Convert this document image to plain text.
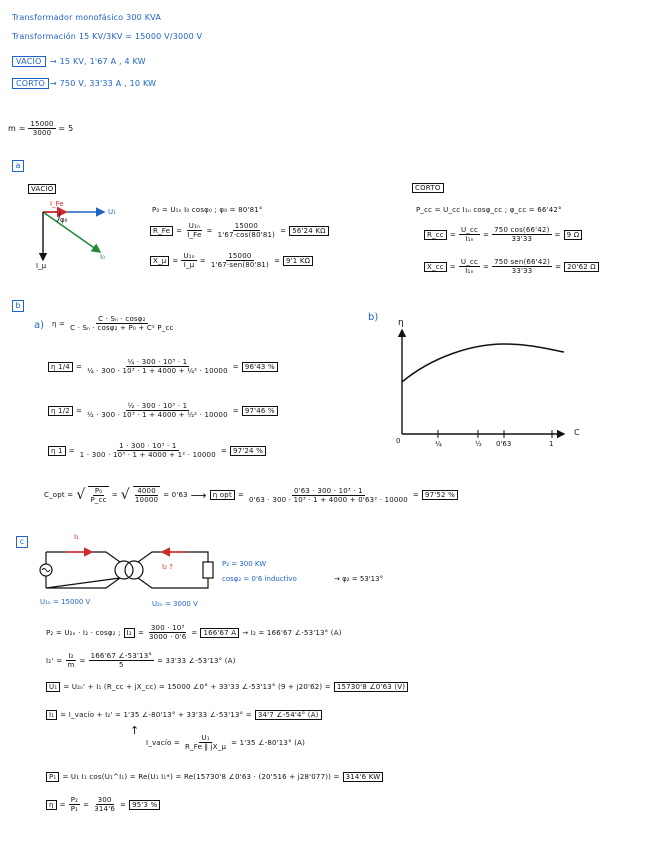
Transformador monofásico 300 KVA
Transformación 15 KV/3KV = 15000 V/3000 V
VACÍO	→ 15 KV, 1'67 A , 4 KW
CORTO → 750 V, 33'33 A , 10 KW
$m = \frac{15000}{3000} = 5$
a
VACÍO	CORTO
I_Fe
U₁
I₀
I_μ
φ₀
P₀ = U₁ₙ I₀ cosφ₀ ; φ₀ = 80'81°
R_Fe = $\frac{\text{U₁ₙ}}{I\_Fe} = \frac{15000}{1'67\cdot\cos(80'81)} = 56'24$ KΩ
X_μ = $\frac{\text{U₁ₙ}}{I\_\mu} = \frac{15000}{\text{1'67·sen(80'81)}} = 9'1$ KΩ
P_cc = U_cc I₁ₙ cosφ_cc ; φ_cc = 66'42°
R_cc = $\frac{U\_cc}{\text{I₁ₙ}} = \frac{750 \cos(66'42)}{33'33} = 9$ Ω
X_cc = $\frac{U\_cc}{\text{I₁ₙ}} = \frac{\text{750 sen(66'42)}}{33'33} = 20'62$ Ω
b
a) $\eta = \frac{\text{C · Sₙ · cosφ₂}}{\text{C · Sₙ · cosφ₂ + P₀ + C² P\_cc}}$
η $1/4 = \frac{\text{¼ · 300 · 10³ · 1}}{\text{¼ · 300 · 10³ · 1 + 4000 + ¼² · 10000}} = 96'43$ %
η $1/2 = \frac{\text{½ · 300 · 10³ · 1}}{\text{½ · 300 · 10³ · 1 + 4000 + ½² · 10000}} = 97'46$ %
η $1 = \frac{\text{1 · 300 · 10³ · 1}}{\text{1 · 300 · 10³ · 1 + 4000 + 1² · 10000}} = 97'24$ %
C_opt = √ $\frac{\text{P₀}}{P\_cc}$ = √ $\frac{4000}{10000} = 0'63$ ⟶ η opt = $\frac{\text{0'63 · 300 · 10³ · 1}}{\text{0'63 · 300 · 10³ · 1 + 4000 + 0'63² · 10000}} = 97'52$ %
b) η
C
0	¼	½ 0'63	1
c	I₁
I₂ ?
U₁ₙ = 15000 V	U₂ₙ = 3000 V
P₂ = 300 KW
cosφ₂ = 0'6 inductivo	→ φ₂ = 53'13°
P₂ = U₂ₙ · I₂ · cosφ₂ ; $I_2 = \frac{\text{300 · 10³}}{3000 \cdot 0'6} = 166'67$ A → I₂ = 166'67 ∠-53'13° (A)
$I_2' = \frac{\text{I₂}}{m} = \frac{166'67 \angle-53'13^\circ}{5} = 33'33$ ∠-53'13° (A)
U₁ = U₂ₙ' + I₁ (R_cc + jX_cc) = 15000 ∠0° + 33'33 ∠-53'13° (9 + j20'62) = 15730'8 ∠0'63 (V)
I₁ = I_vacío + I₂' = 1'35 ∠-80'13° + 33'33 ∠-53'13° = 34'7 ∠-54'4° (A)
↑
I_vacío = $\frac{\text{U₁}}{R\_Fe ‖ jX\_\mu} = 1'35$ ∠-80'13° (A)
P₁ = U₁ I₁ cos(U₁^I₁) = Re(U₁ I₁*) = Re(15730'8 ∠0'63 · (20'516 + j28'077)) = 314'6 KW
$\eta = \frac{\text{P₂}}{\text{P₁}} = \frac{300}{314'6} = 95'3$ %
